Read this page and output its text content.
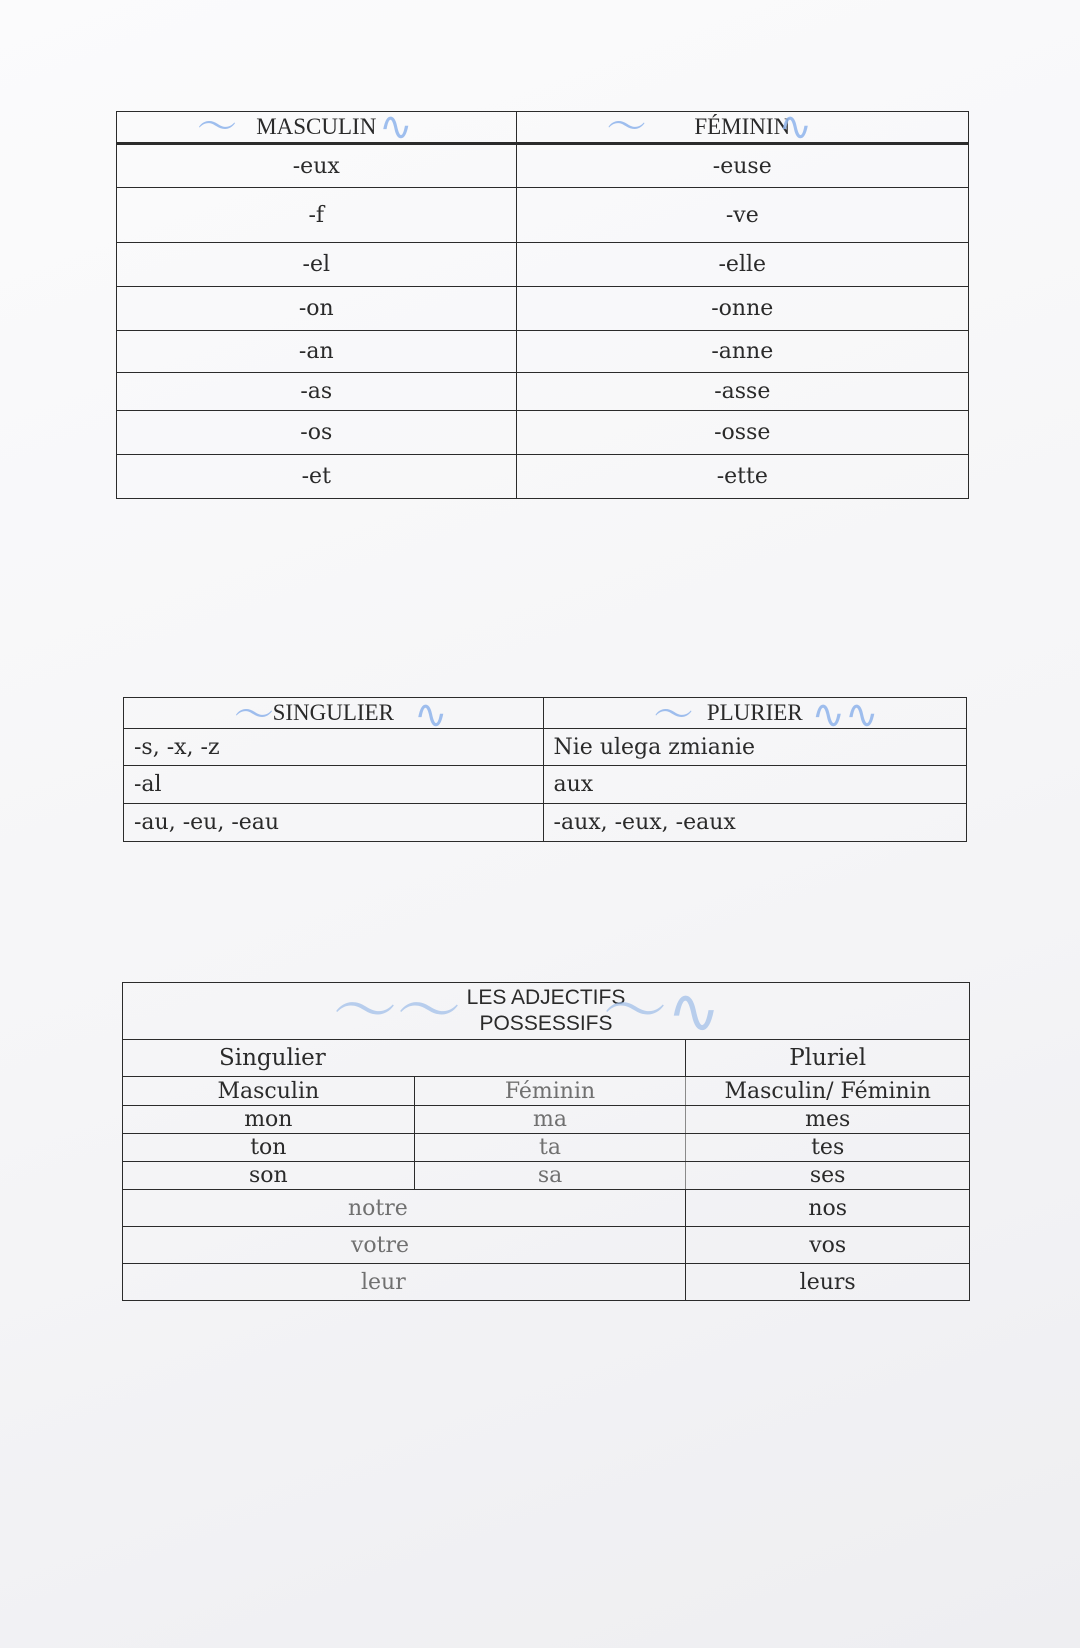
〜 MASCULIN ∿	〜 FÉMININ
∿

-eux	-euse
-f	-ve
-el	-elle
-on	-onne
-an	-anne
-as	-asse
-os	-osse
-et	-ette
〜
SINGULIER ∿	〜 PLURIER ∿∿

-s, -x, -z	Nie ulega zmianie
-al	aux
-au, -eu, -eau	-aux, -eux, -eaux
〜〜 〜∿
LES ADJECTIFS
POSSESSIFS		

Singulier		Pluriel
Masculin	Féminin	Masculin/ Féminin
mon	ma	mes
ton	ta	tes
son	sa	ses
notre		nos
votre		vos
leur		leurs
